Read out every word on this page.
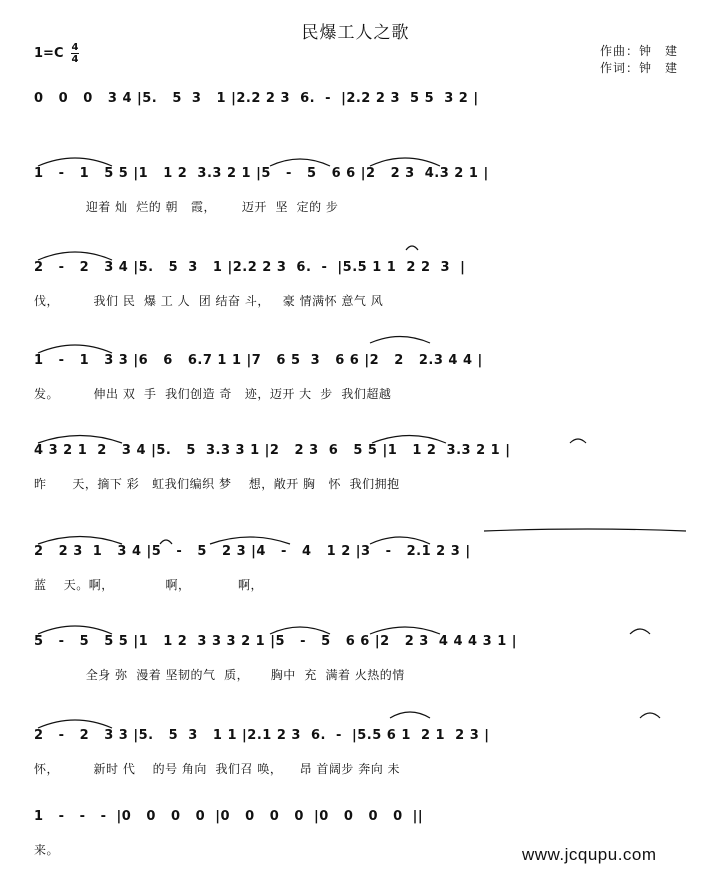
民爆工人之歌
1=C 4
4
作曲：钟　建
作词：钟　建
0   0   0   3 4 |5.   5  3   1 |2.2 2 3  6.  -  |2.2 2 3  5 5  3 2 |
1   -   1   5 5 |1   1 2  3.3 2 1 |5   -   5   6 6 |2   2 3  4.3 2 1 |
迎着 灿  烂的 朝   霞，      迈开  坚  定的 步
2   -   2   3 4 |5.   5  3   1 |2.2 2 3  6.  -  |5.5 1 1  2 2  3  |
伐，        我们 民  爆 工 人  团 结奋 斗，   豪 情满怀 意气 风
1   -   1   3 3 |6   6   6.7 1 1 |7   6 5  3   6 6 |2   2   2.3 4 4 |
发。        伸出 双  手  我们创造 奇   迹，迈开 大  步  我们超越
4 3 2 1  2   3 4 |5.   5  3.3 3 1 |2   2 3  6   5 5 |1   1 2  3.3 2 1 |
昨      天，摘下 彩   虹我们编织 梦    想，敞开 胸   怀  我们拥抱
2   2 3  1   3 4 |5   -   5   2 3 |4   -   4   1 2 |3   -   2.1 2 3 |
蓝    天。啊，            啊，           啊，
5   -   5   5 5 |1   1 2  3 3 3 2 1 |5   -   5   6 6 |2   2 3  4 4 4 3 1 |
全身 弥  漫着 坚韧的气  质，     胸中  充  满着 火热的情
2   -   2   3 3 |5.   5  3   1 1 |2.1 2 3  6.  -  |5.5 6 1  2 1  2 3 |
怀，        新时 代    的号 角向  我们召 唤，    昂 首阔步 奔向 未
1   -   -   -  |0   0   0   0  |0   0   0   0  |0   0   0   0  ||
来。	www.jcqupu.com
